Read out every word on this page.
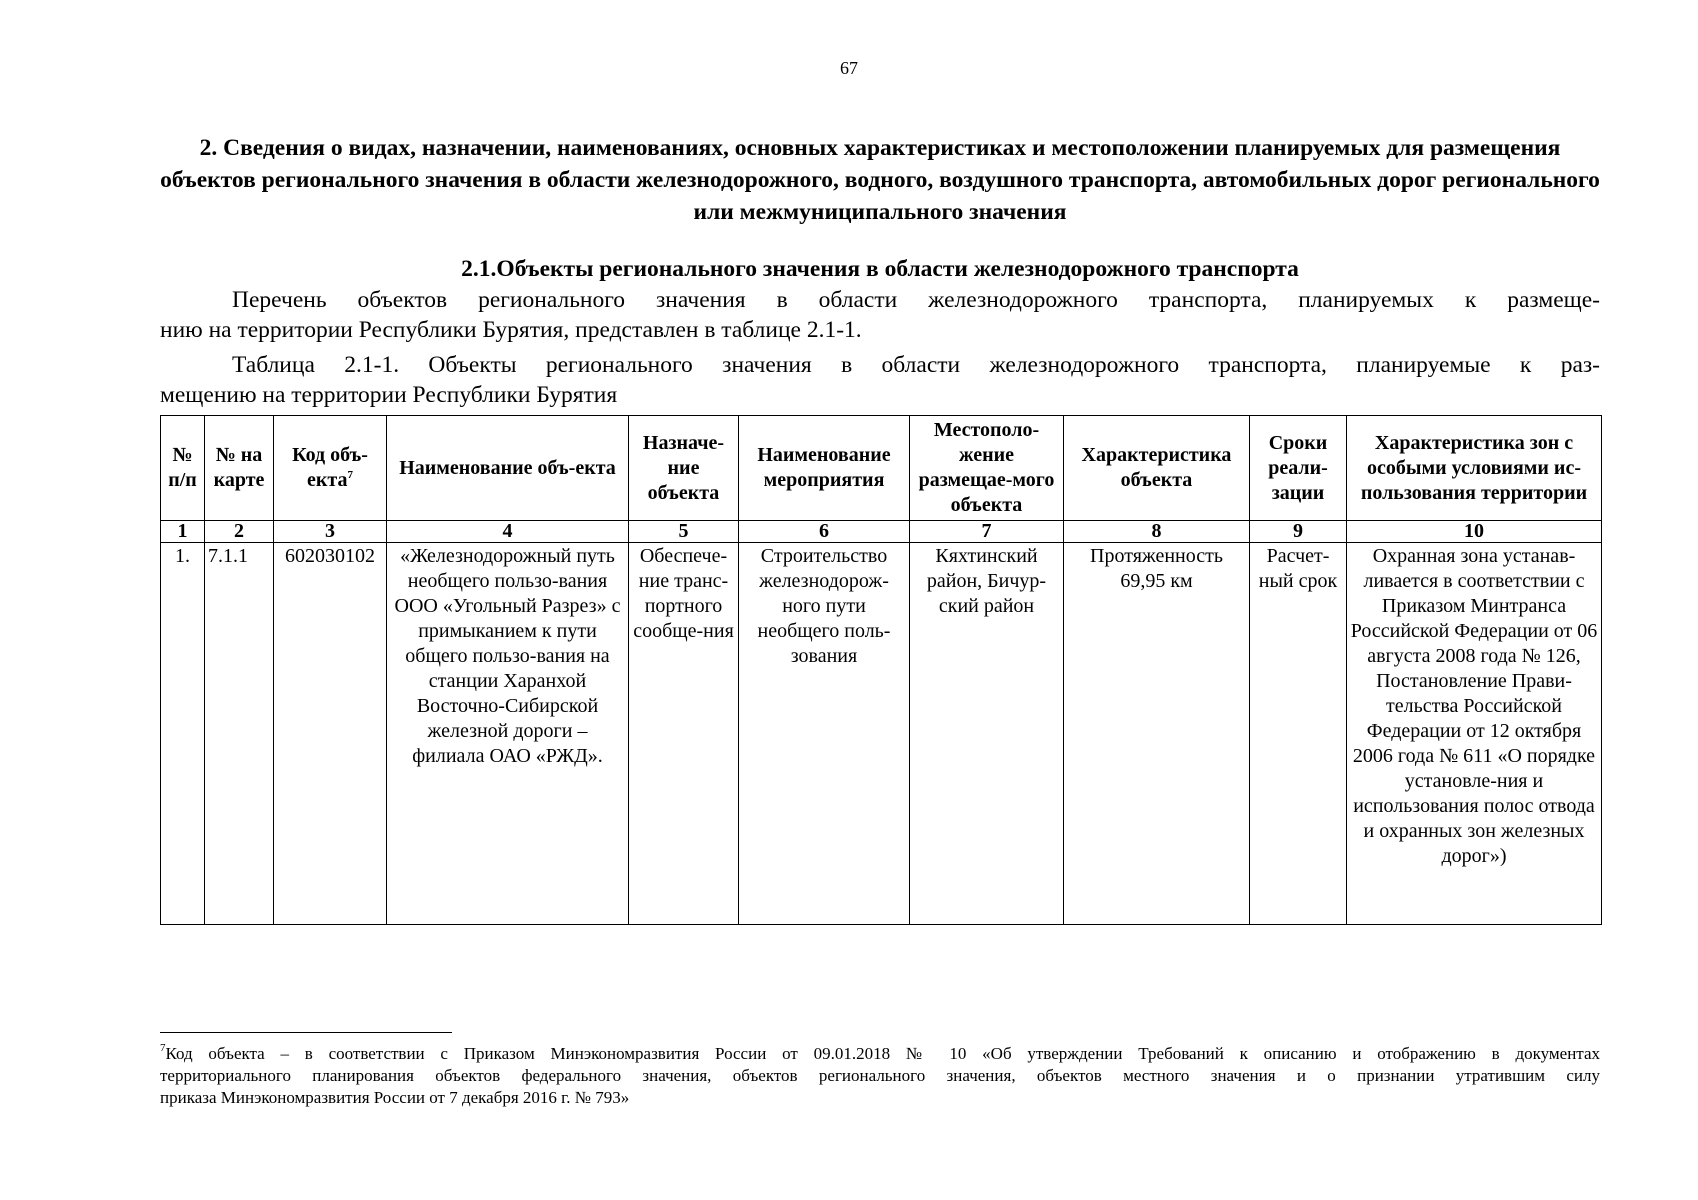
67
2. Сведения о видах, назначении, наименованиях, основных характеристиках и местоположении планируемых для размещения объектов регионального значения в области железнодорожного, водного, воздушного транспорта, автомобильных дорог регионального или межмуниципального значения
2.1.Объекты регионального значения в области железнодорожного транспорта
Перечень объектов регионального значения в области железнодорожного транспорта, планируемых к размеще-
нию на территории Республики Бурятия, представлен в таблице 2.1-1.
Таблица 2.1-1. Объекты регионального значения в области железнодорожного транспорта, планируемые к раз-
мещению на территории Республики Бурятия
№ п/п	№ на карте	Код объ-екта$^7$	Наименование объ-екта	Назначе-ние объекта	Наименование мероприятия	Местополо-жение размещае-мого объекта	Характеристика объекта	Сроки реали-зации	Характеристика зон с особыми условиями ис-пользования территории
1	2	3	4	5	6	7	8	9	10
1.	7.1.1	602030102	«Железнодорожный путь необщего пользо-вания ООО «Угольный Разрез» с примыканием к пути общего пользо-вания на станции Харанхой Восточно-Сибирской железной дороги – филиала ОАО «РЖД».	Обеспече-ние транс-портного сообще-ния	Строительство железнодорож-ного пути необщего поль-зования	Кяхтинский район, Бичур-ский район	Протяженность 69,95 км	Расчет-ный срок	Охранная зона устанав-ливается в соответствии с Приказом Минтранса Российской Федерации от 06 августа 2008 года № 126, Постановление Прави-тельства Российской Федерации от 12 октября 2006 года № 611 «О порядке установле-ния и использования полос отвода и охранных зон железных дорог»)
$^7$Код объекта – в соответствии с Приказом Минэкономразвития России от 09.01.2018 № 10 «Об утверждении Требований к описанию и отображению в документах
территориального планирования объектов федерального значения, объектов регионального значения, объектов местного значения и о признании утратившим силу
приказа Минэкономразвития России от 7 декабря 2016 г. № 793»
